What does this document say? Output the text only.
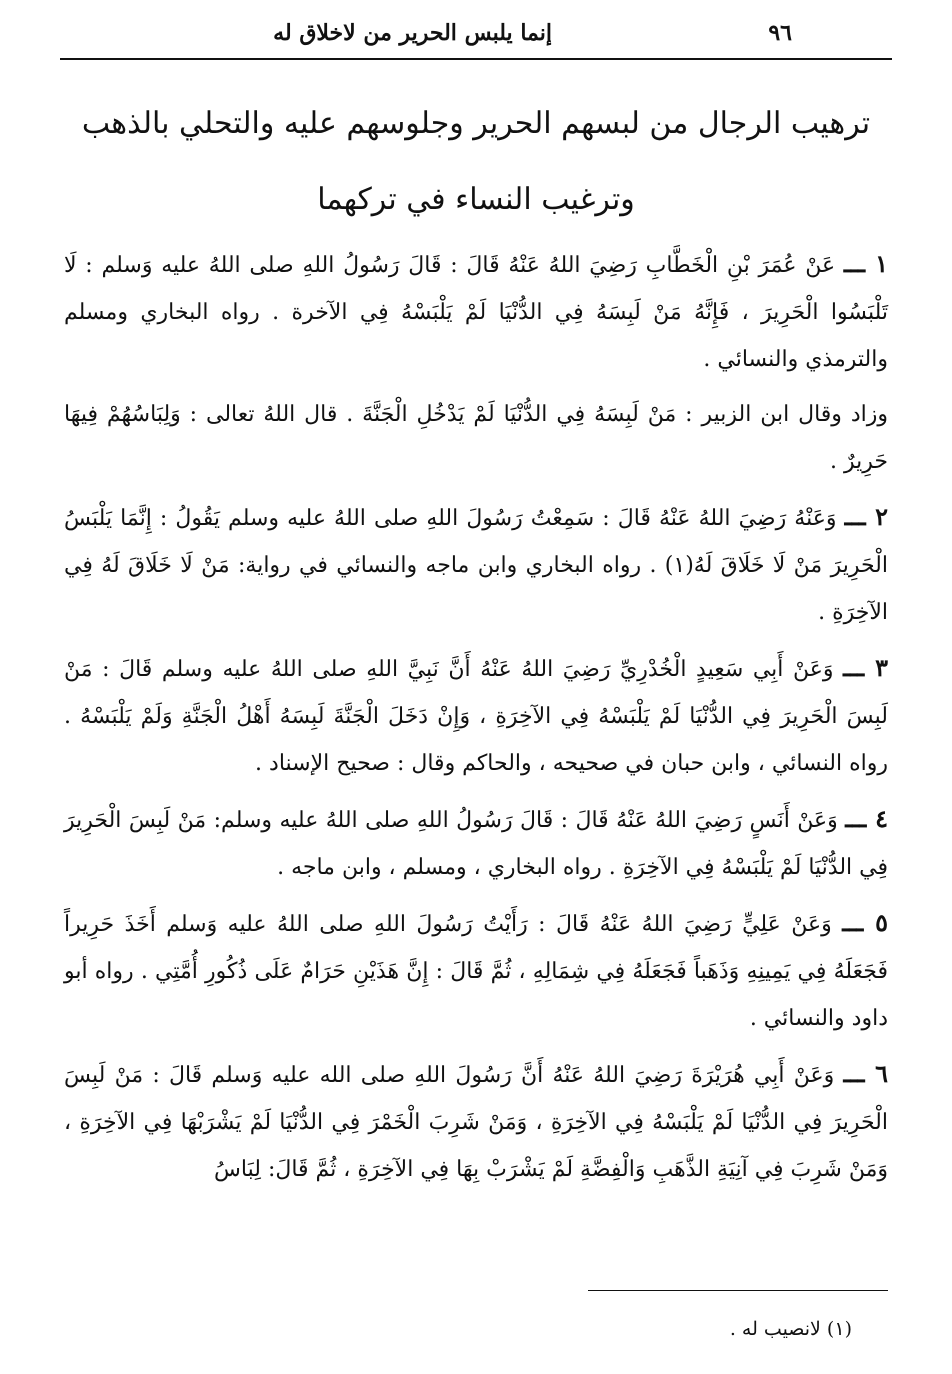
٩٦
إنما يلبس الحرير من لاخلاق له
ترهيب الرجال من لبسهم الحرير وجلوسهم عليه والتحلي بالذهب
وترغيب النساء في تركهما

١ ـــ عَنْ عُمَرَ بْنِ الْخَطَّابِ رَضِيَ اللهُ عَنْهُ قَالَ : قَالَ رَسُولُ اللهِ صلى اللهُ عليه وَسلم : لَا تَلْبَسُوا الْحَرِيرَ ، فَإِنَّهُ مَنْ لَبِسَهُ فِي الدُّنْيَا لَمْ يَلْبَسْهُ فِي الآخرة . رواه البخاري ومسلم والترمذي والنسائي .

وزاد وقال ابن الزبير : مَنْ لَبِسَهُ فِي الدُّنْيَا لَمْ يَدْخُلِ الْجَنَّةَ . قال اللهُ تعالى : وَلِبَاسُهُمْ فِيهَا حَرِيرٌ .

٢ ـــ وَعَنْهُ رَضِيَ اللهُ عَنْهُ قَالَ : سَمِعْتُ رَسُولَ اللهِ صلى اللهُ عليه وسلم يَقُولُ : إِنَّمَا يَلْبَسُ الْحَرِيرَ مَنْ لَا خَلَاقَ لَهُ(١) . رواه البخاري وابن ماجه والنسائي في رواية: مَنْ لَا خَلَاقَ لَهُ فِي الآخِرَةِ .

٣ ـــ وَعَنْ أَبِي سَعِيدٍ الْخُدْرِيِّ رَضِيَ اللهُ عَنْهُ أَنَّ نَبِيَّ اللهِ صلى اللهُ عليه وسلم قَالَ : مَنْ لَبِسَ الْحَرِيرَ فِي الدُّنْيَا لَمْ يَلْبَسْهُ فِي الآخِرَةِ ، وَإِنْ دَخَلَ الْجَنَّةَ لَبِسَهُ أَهْلُ الْجَنَّةِ وَلَمْ يَلْبَسْهُ . رواه النسائي ، وابن حبان في صحيحه ، والحاكم وقال : صحيح الإسناد .

٤ ـــ وَعَنْ أَنَسٍ رَضِيَ اللهُ عَنْهُ قَالَ : قَالَ رَسُولُ اللهِ صلى اللهُ عليه وسلم: مَنْ لَبِسَ الْحَرِيرَ فِي الدُّنْيَا لَمْ يَلْبَسْهُ فِي الآخِرَةِ . رواه البخاري ، ومسلم ، وابن ماجه .

٥ ـــ وَعَنْ عَلِيٍّ رَضِيَ اللهُ عَنْهُ قَالَ : رَأَيْتُ رَسُولَ اللهِ صلى اللهُ عليه وَسلم أَخَذَ حَرِيراً فَجَعَلَهُ فِي يَمِينِهِ وَذَهَباً فَجَعَلَهُ فِي شِمَالِهِ ، ثُمَّ قَالَ : إِنَّ هَذَيْنِ حَرَامٌ عَلَى ذُكُورِ أُمَّتِي . رواه أبو داود والنسائي .

٦ ـــ وَعَنْ أَبِي هُرَيْرَةَ رَضِيَ اللهُ عَنْهُ أَنَّ رَسُولَ اللهِ صلى الله عليه وَسلم قَالَ : مَنْ لَبِسَ الْحَرِيرَ فِي الدُّنْيَا لَمْ يَلْبَسْهُ فِي الآخِرَةِ ، وَمَنْ شَرِبَ الْخَمْرَ فِي الدُّنْيَا لَمْ يَشْرَبْهَا فِي الآخِرَةِ ، وَمَنْ شَرِبَ فِي آنِيَةِ الذَّهَبِ وَالْفِضَّةِ لَمْ يَشْرَبْ بِهَا فِي الآخِرَةِ ، ثُمَّ قَالَ: لِبَاسُ

(١) لانصيب له .
